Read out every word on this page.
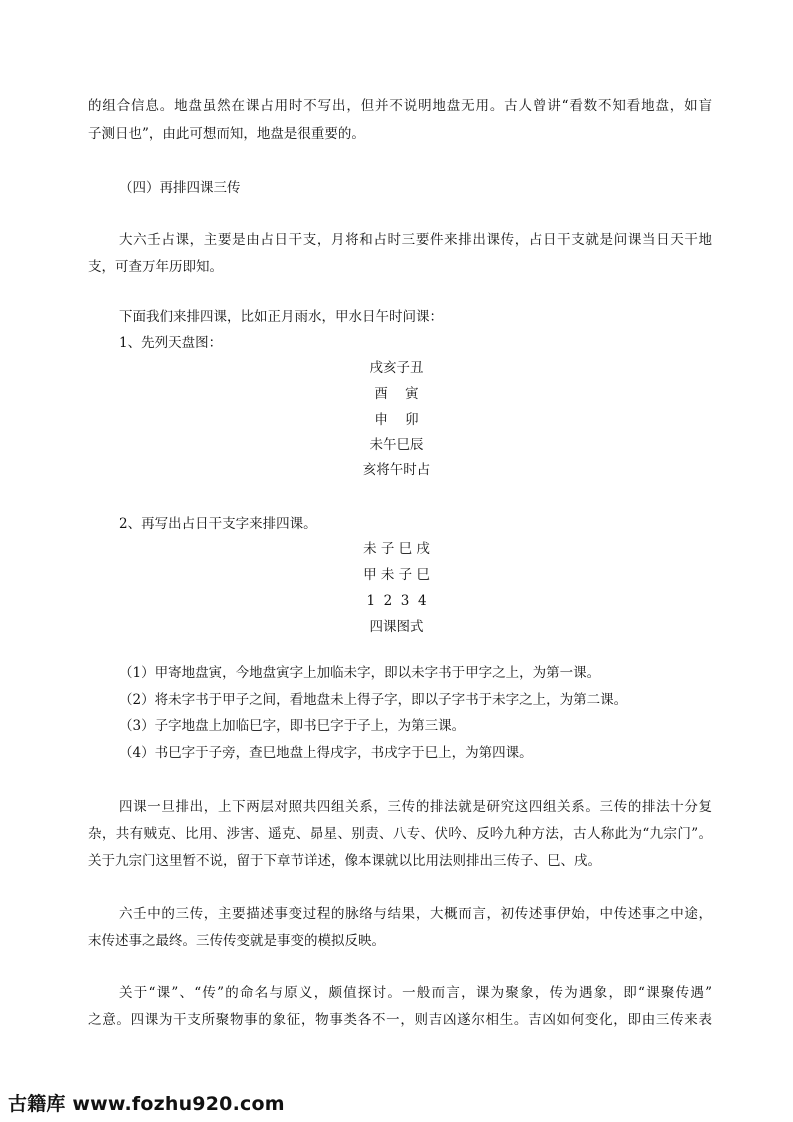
的组合信息。地盘虽然在课占用时不写出，但并不说明地盘无用。古人曾讲“看数不知看地盘，如盲

子测日也”，由此可想而知，地盘是很重要的。

（四）再排四课三传

大六壬占课，主要是由占日干支，月将和占时三要件来排出课传，占日干支就是问课当日天干地

支，可查万年历即知。

下面我们来排四课，比如正月雨水，甲水日午时问课：

1、先列天盘图：

戌亥子丑

酉    寅

申    卯

未午巳辰

亥将午时占

2、再写出占日干支字来排四课。

未 子 巳 戌

甲 未 子 巳

1  2  3  4

四课图式

（1）甲寄地盘寅，今地盘寅字上加临未字，即以未字书于甲字之上，为第一课。

（2）将未字书于甲子之间，看地盘未上得子字，即以子字书于未字之上，为第二课。

（3）子字地盘上加临巳字，即书巳字于子上，为第三课。

（4）书巳字于子旁，查巳地盘上得戌字，书戌字于巳上，为第四课。

四课一旦排出，上下两层对照共四组关系，三传的排法就是研究这四组关系。三传的排法十分复

杂，共有贼克、比用、涉害、遥克、昴星、别责、八专、伏吟、反吟九种方法，古人称此为“九宗门”。

关于九宗门这里暂不说，留于下章节详述，像本课就以比用法则排出三传子、巳、戌。

六壬中的三传，主要描述事变过程的脉络与结果，大概而言，初传述事伊始，中传述事之中途，

末传述事之最终。三传传变就是事变的模拟反映。

关于“课”、“传”的命名与原义，颇值探讨。一般而言，课为聚象，传为遇象，即“课聚传遇”

之意。四课为干支所聚物事的象征，物事类各不一，则吉凶遂尔相生。吉凶如何变化，即由三传来表

古籍库 www.fozhu920.com
